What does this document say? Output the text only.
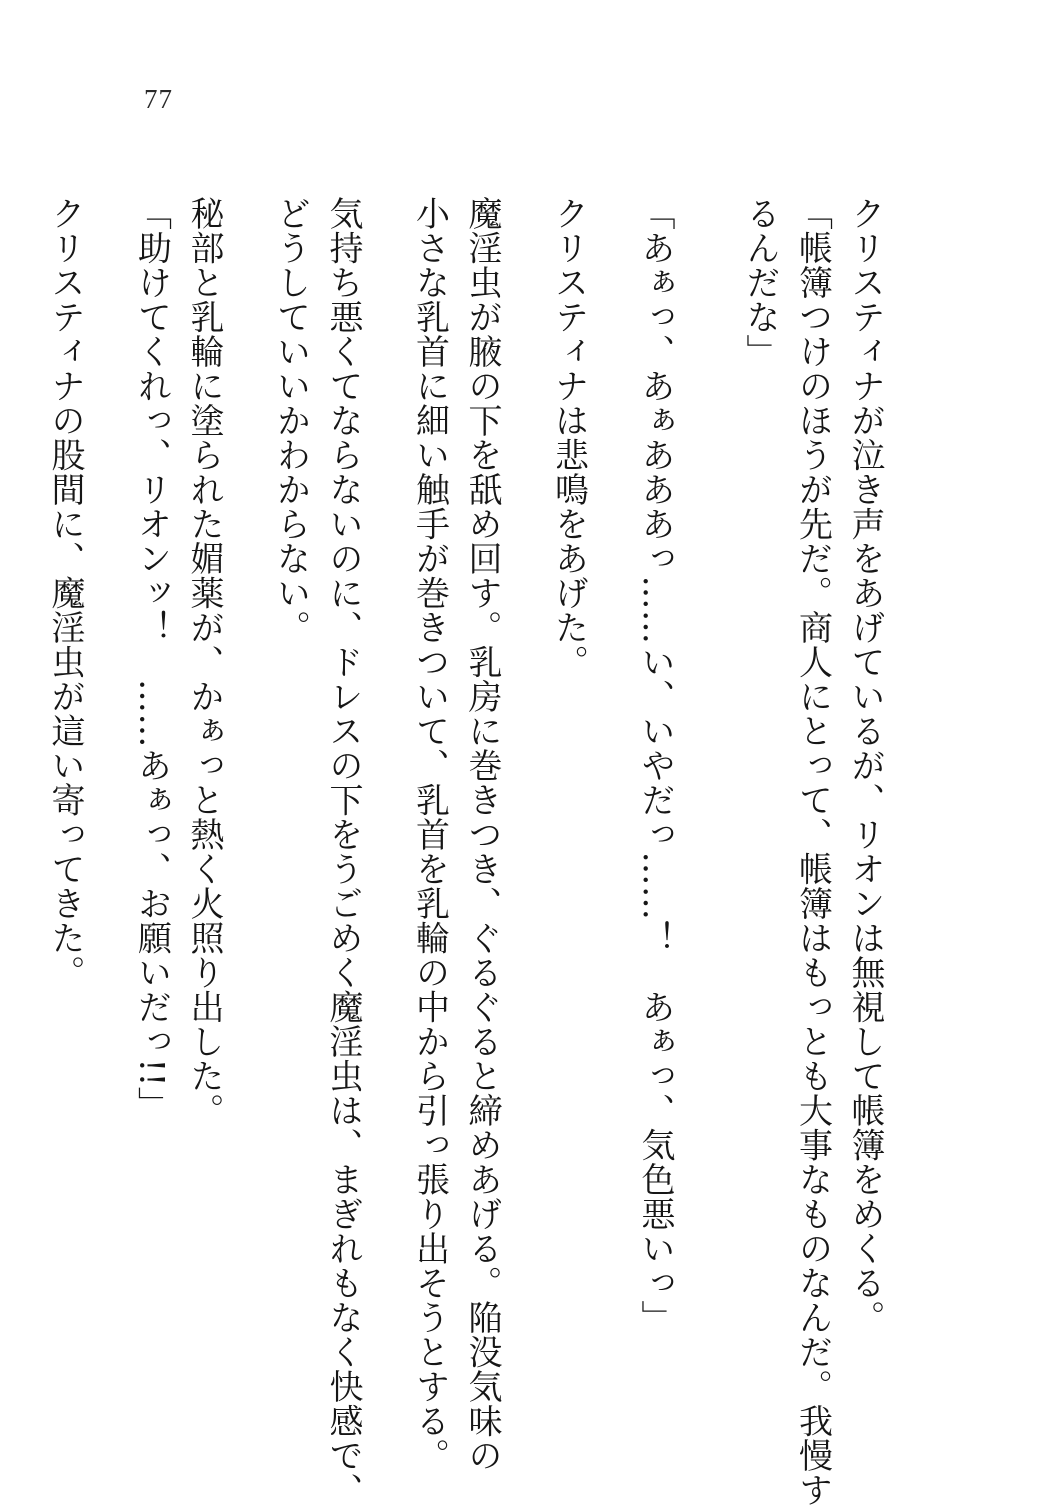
77
クリスティナが泣き声をあげているが、リオンは無視して帳簿をめくる。
「帳簿つけのほうが先だ。商人にとって、帳簿はもっとも大事なものなんだ。我慢す
るんだな」

「あぁっ、あぁあああっ……い、いやだっ……！　あぁっ、気色悪いっ」
クリスティナは悲鳴をあげた。
魔淫虫が腋の下を舐め回す。乳房に巻きつき、ぐるぐると締めあげる。陥没気味の
小さな乳首に細い触手が巻きついて、乳首を乳輪の中から引っ張り出そうとする。
気持ち悪くてならないのに、ドレスの下をうごめく魔淫虫は、まぎれもなく快感で、
どうしていいかわからない。
秘部と乳輪に塗られた媚薬が、かぁっと熱く火照り出した。
「助けてくれっ、リオンッ！　……あぁっ、お願いだっ!!」
クリスティナの股間に、魔淫虫が這い寄ってきた。
